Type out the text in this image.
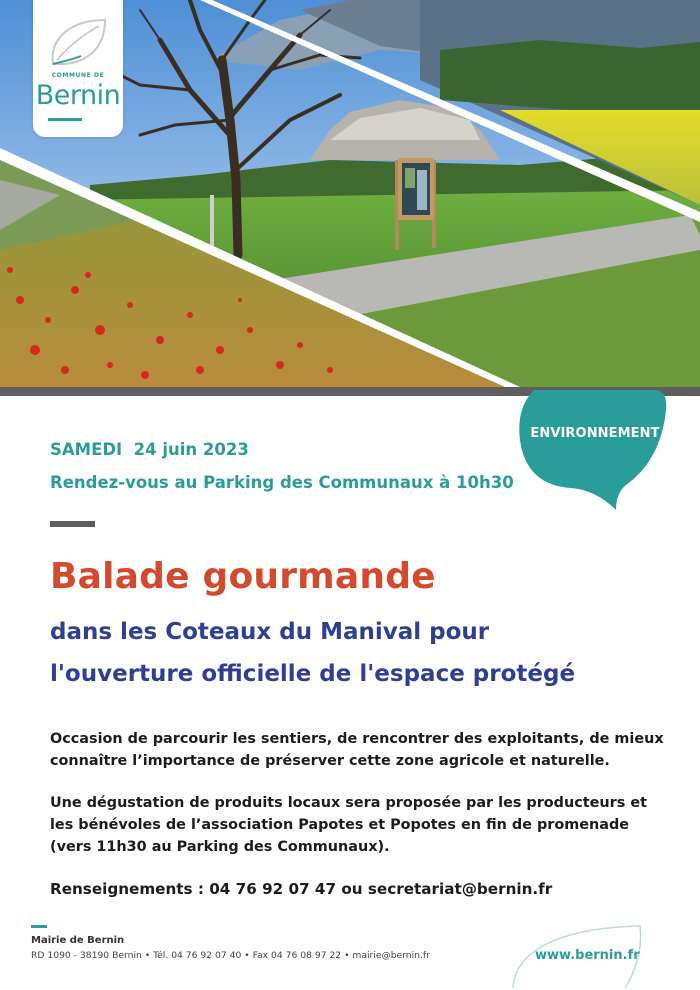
COMMUNE DE
Bernin
ENVIRONNEMENT
SAMEDI  24 juin 2023
Rendez-vous au Parking des Communaux à 10h30
Balade gourmande
dans les Coteaux du Manival pour
l'ouverture officielle de l'espace protégé
Occasion de parcourir les sentiers, de rencontrer des exploitants, de mieux connaître l’importance de préserver cette zone agricole et naturelle.
Une dégustation de produits locaux sera proposée par les producteurs et les bénévoles de l’association Papotes et Popotes en fin de promenade (vers 11h30 au Parking des Communaux).
Renseignements : 04 76 92 07 47 ou secretariat@bernin.fr
Mairie de Bernin
RD 1090 - 38190 Bernin • Tél. 04 76 92 07 40 • Fax 04 76 08 97 22 • mairie@bernin.fr	www.bernin.fr
